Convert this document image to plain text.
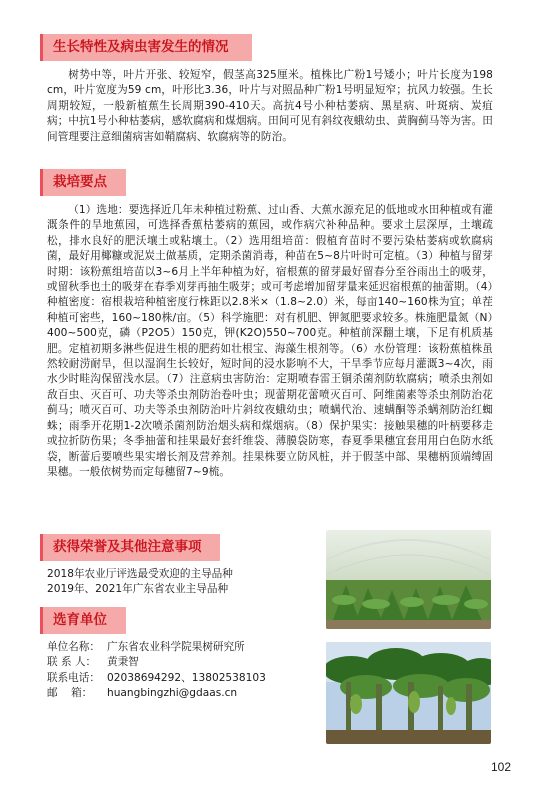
生长特性及病虫害发生的情况

树势中等，叶片开张、较短窄，假茎高325厘米。植株比广粉1号矮小；叶片长度为198 cm，叶片宽度为59 cm，叶形比3.36，叶片与对照品种广粉1号明显短窄；抗风力较强。生长周期较短，一般新植蕉生长周期390-410天。高抗4号小种枯萎病、黑星病、叶斑病、炭疽病；中抗1号小种枯萎病，感软腐病和煤烟病。田间可见有斜纹夜蛾幼虫、黄胸蓟马等为害。田间管理要注意细菌病害如鞘腐病、软腐病等的防治。

栽培要点

（1）选地：要选择近几年未种植过粉蕉、过山香、大蕉水源充足的低地或水田种植或有灌溉条件的旱地蕉园，可选择香蕉枯萎病的蕉园，或作病穴补种品种。要求土层深厚，土壤疏松，排水良好的肥沃壤土或粘壤土。（2）选用组培苗：假植育苗时不要污染枯萎病或软腐病菌，最好用椰糠或泥炭土做基质，定期杀菌消毒，种苗在5~8片叶时可定植。（3）种植与留芽时期：该粉蕉组培苗以3~6月上半年种植为好，宿根蕉的留芽最好留春分至谷雨出土的吸芽，或留秋季也土的吸芽在春季刈芽再抽生吸芽；或可考虑增加留芽量来延迟宿根蕉的抽蕾期。（4）种植密度：宿根栽培种植密度行株距以2.8米×（1.8~2.0）米，每亩140~160株为宜；单茬种植可密些，160~180株/亩。（5）科学施肥：对有机肥、钾氮肥要求较多。株施肥量氮（N）400~500克，磷（P2O5）150克，钾(K2O)550~700克。种植前深翻土壤，下足有机质基肥。定植初期多淋些促进生根的肥药如壮根宝、海藻生根剂等。（6）水份管理：该粉蕉植株虽然较耐涝耐旱，但以湿润生长较好，短时间的浸水影响不大，干旱季节应每月灌溉3~4次，雨水少时畦沟保留浅水层。（7）注意病虫害防治：定期喷春雷王铜杀菌剂防软腐病；喷杀虫剂如敌百虫、灭百可、功夫等杀虫剂防治卷叶虫；现蕾期花蕾喷灭百可、阿维菌素等杀虫剂防治花蓟马；喷灭百可、功夫等杀虫剂防治叶片斜纹夜蛾幼虫；喷螨代治、速螨酮等杀螨剂防治红蜘蛛；雨季开花期1-2次喷杀菌剂防治烟头病和煤烟病。（8）保护果实：接触果穗的叶柄要移走或拉折防伤果；冬季抽蕾和挂果最好套纤维袋、薄膜袋防寒，春夏季果穗宜套用用白色防水纸袋，断蕾后要喷些果实增长剂及营养剂。挂果株要立防风桩，并于假茎中部、果穗柄顶端缚固果穗。一般依树势而定每穗留7~9梳。

获得荣誉及其他注意事项
2018年农业厅评选最受欢迎的主导品种
2019年、2021年广东省农业主导品种
选育单位
单位名称： 广东省农业科学院果树研究所
联 系 人：	黄秉智
联系电话： 02038694292、13802538103
邮    箱：	huangbingzhi@gdaas.cn
102
